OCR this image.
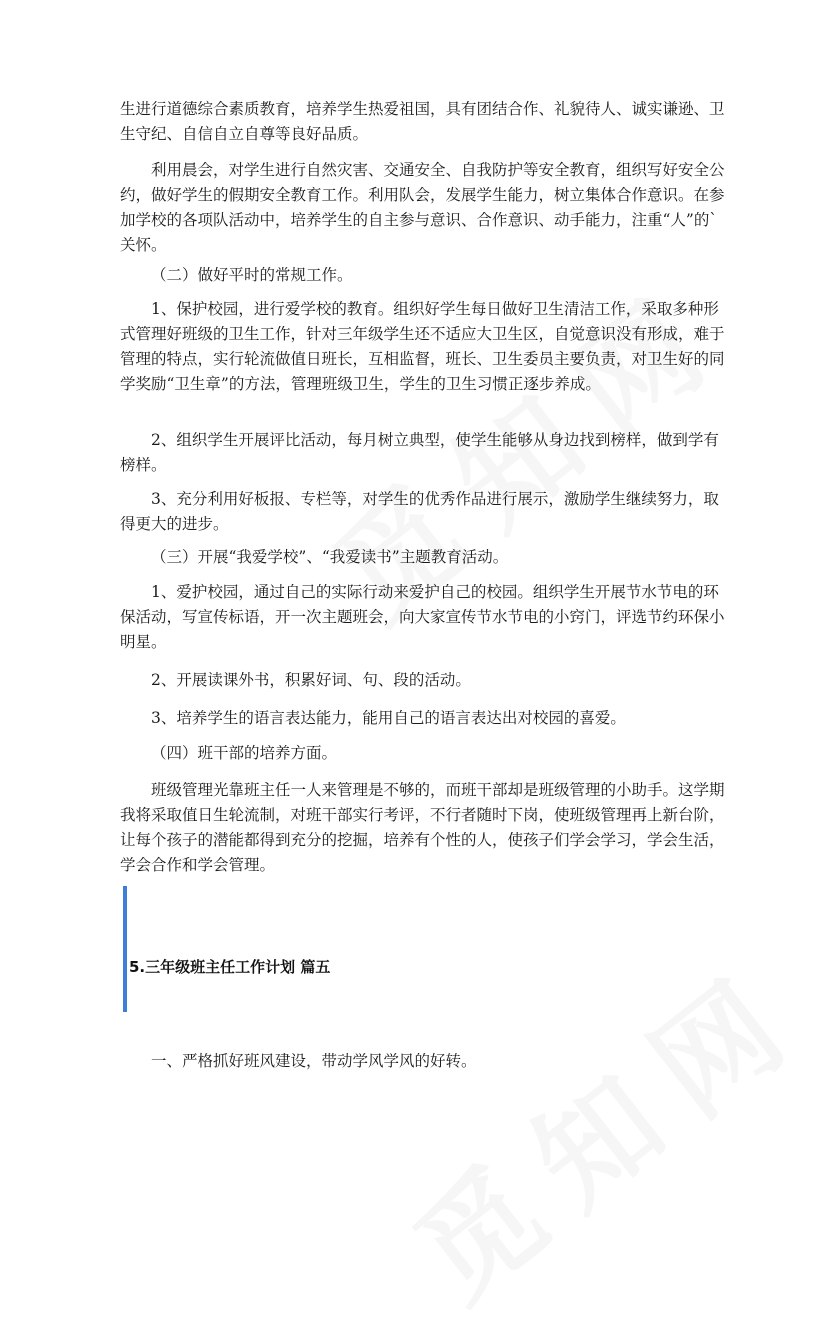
生进行道德综合素质教育，培养学生热爱祖国，具有团结合作、礼貌待人、诚实谦逊、卫生守纪、自信自立自尊等良好品质。

利用晨会，对学生进行自然灾害、交通安全、自我防护等安全教育，组织写好安全公约，做好学生的假期安全教育工作。利用队会，发展学生能力，树立集体合作意识。在参加学校的各项队活动中，培养学生的自主参与意识、合作意识、动手能力，注重“人”的`关怀。

（二）做好平时的常规工作。

1、保护校园，进行爱学校的教育。组织好学生每日做好卫生清洁工作，采取多种形式管理好班级的卫生工作，针对三年级学生还不适应大卫生区，自觉意识没有形成，难于管理的特点，实行轮流做值日班长，互相监督，班长、卫生委员主要负责，对卫生好的同学奖励“卫生章”的方法，管理班级卫生，学生的卫生习惯正逐步养成。

2、组织学生开展评比活动，每月树立典型，使学生能够从身边找到榜样，做到学有榜样。

3、充分利用好板报、专栏等，对学生的优秀作品进行展示，激励学生继续努力，取得更大的进步。

（三）开展“我爱学校”、“我爱读书”主题教育活动。

1、爱护校园，通过自己的实际行动来爱护自己的校园。组织学生开展节水节电的环保活动，写宣传标语，开一次主题班会，向大家宣传节水节电的小窍门，评选节约环保小明星。

2、开展读课外书，积累好词、句、段的活动。

3、培养学生的语言表达能力，能用自己的语言表达出对校园的喜爱。

（四）班干部的培养方面。

班级管理光靠班主任一人来管理是不够的，而班干部却是班级管理的小助手。这学期我将采取值日生轮流制，对班干部实行考评，不行者随时下岗，使班级管理再上新台阶，让每个孩子的潜能都得到充分的挖掘，培养有个性的人，使孩子们学会学习，学会生活，学会合作和学会管理。

5.三年级班主任工作计划 篇五

一、严格抓好班风建设，带动学风学风的好转。
